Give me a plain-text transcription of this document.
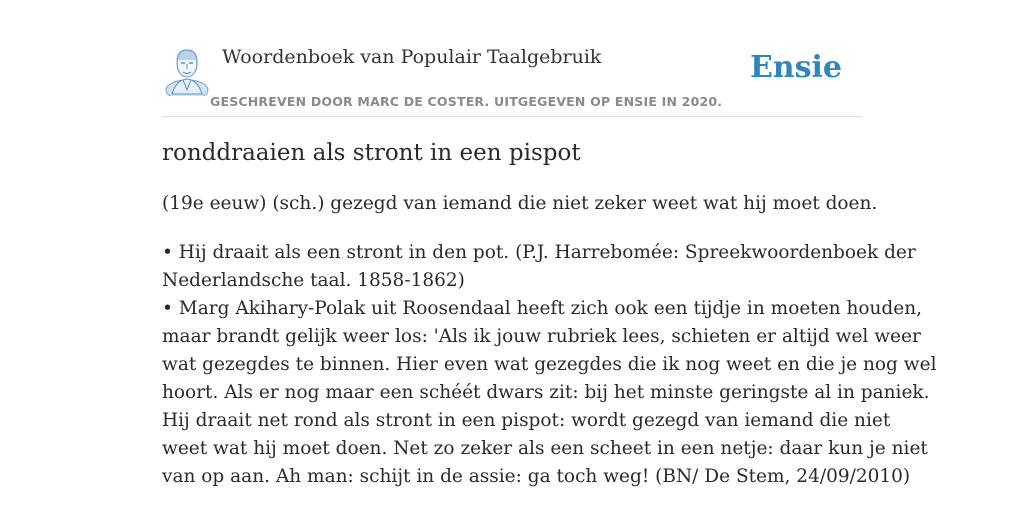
Woordenboek van Populair Taalgebruik
GESCHREVEN DOOR MARC DE COSTER. UITGEGEVEN OP ENSIE IN 2020.
Ensie
ronddraaien als stront in een pispot
(19e eeuw) (sch.) gezegd van iemand die niet zeker weet wat hij moet doen.
• Hij draait als een stront in den pot. (P.J. Harrebomée: Spreekwoordenboek der
Nederlandsche taal. 1858-1862)
• Marg Akihary-Polak uit Roosendaal heeft zich ook een tijdje in moeten houden,
maar brandt gelijk weer los: 'Als ik jouw rubriek lees, schieten er altijd wel weer
wat gezegdes te binnen. Hier even wat gezegdes die ik nog weet en die je nog wel
hoort. Als er nog maar een schéét dwars zit: bij het minste geringste al in paniek.
Hij draait net rond als stront in een pispot: wordt gezegd van iemand die niet
weet wat hij moet doen. Net zo zeker als een scheet in een netje: daar kun je niet
van op aan. Ah man: schijt in de assie: ga toch weg! (BN/ De Stem, 24/09/2010)
